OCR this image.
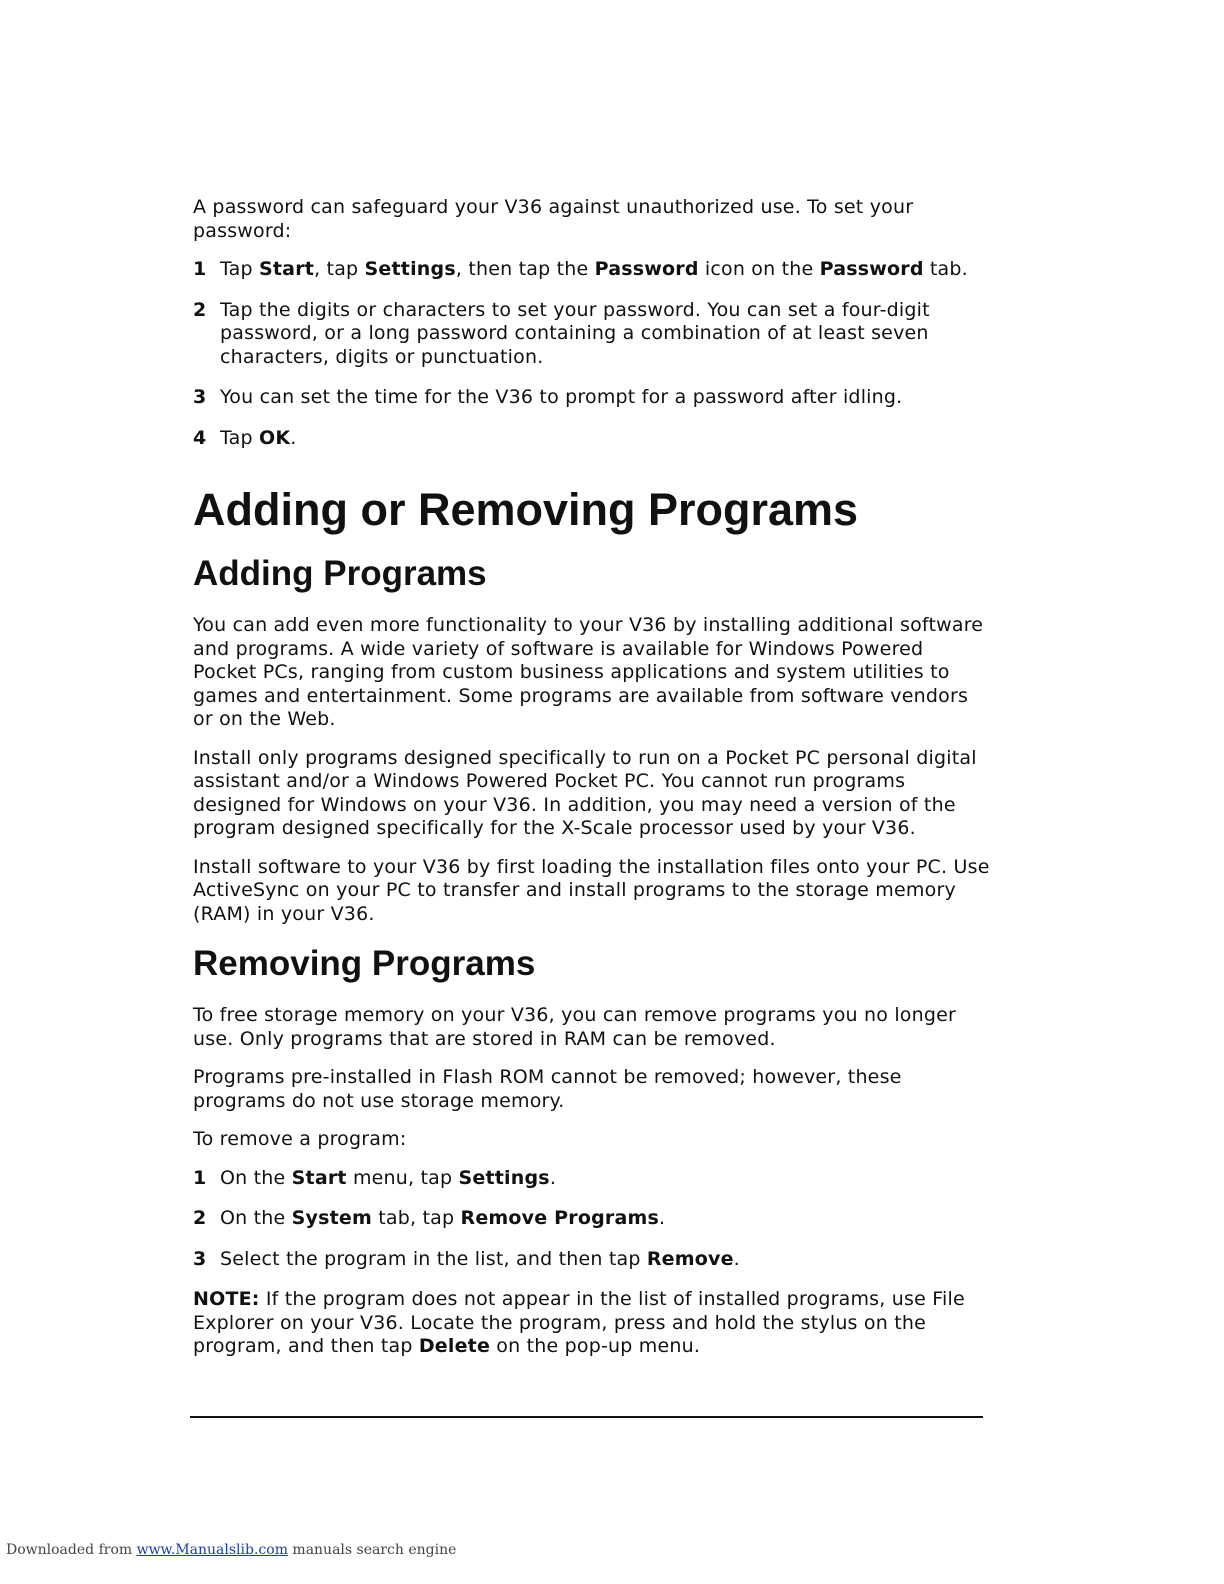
A password can safeguard your V36 against unauthorized use. To set your password:

1 Tap Start, tap Settings, then tap the Password icon on the Password tab.
2 Tap the digits or characters to set your password. You can set a four-digit password, or a long password containing a combination of at least seven characters, digits or punctuation.
3 You can set the time for the V36 to prompt for a password after idling.
4 Tap OK.
Adding or Removing Programs
Adding Programs

You can add even more functionality to your V36 by installing additional software and programs. A wide variety of software is available for Windows Powered Pocket PCs, ranging from custom business applications and system utilities to games and entertainment. Some programs are available from software vendors or on the Web.

Install only programs designed specifically to run on a Pocket PC personal digital assistant and/or a Windows Powered Pocket PC. You cannot run programs designed for Windows on your V36. In addition, you may need a version of the program designed specifically for the X-Scale processor used by your V36.

Install software to your V36 by first loading the installation files onto your PC. Use ActiveSync on your PC to transfer and install programs to the storage memory (RAM) in your V36.

Removing Programs

To free storage memory on your V36, you can remove programs you no longer use. Only programs that are stored in RAM can be removed.

Programs pre-installed in Flash ROM cannot be removed; however, these programs do not use storage memory.

To remove a program:

1 On the Start menu, tap Settings.
2 On the System tab, tap Remove Programs.
3 Select the program in the list, and then tap Remove.

NOTE: If the program does not appear in the list of installed programs, use File Explorer on your V36. Locate the program, press and hold the stylus on the program, and then tap Delete on the pop-up menu.

Downloaded from www.Manualslib.com manuals search engine
